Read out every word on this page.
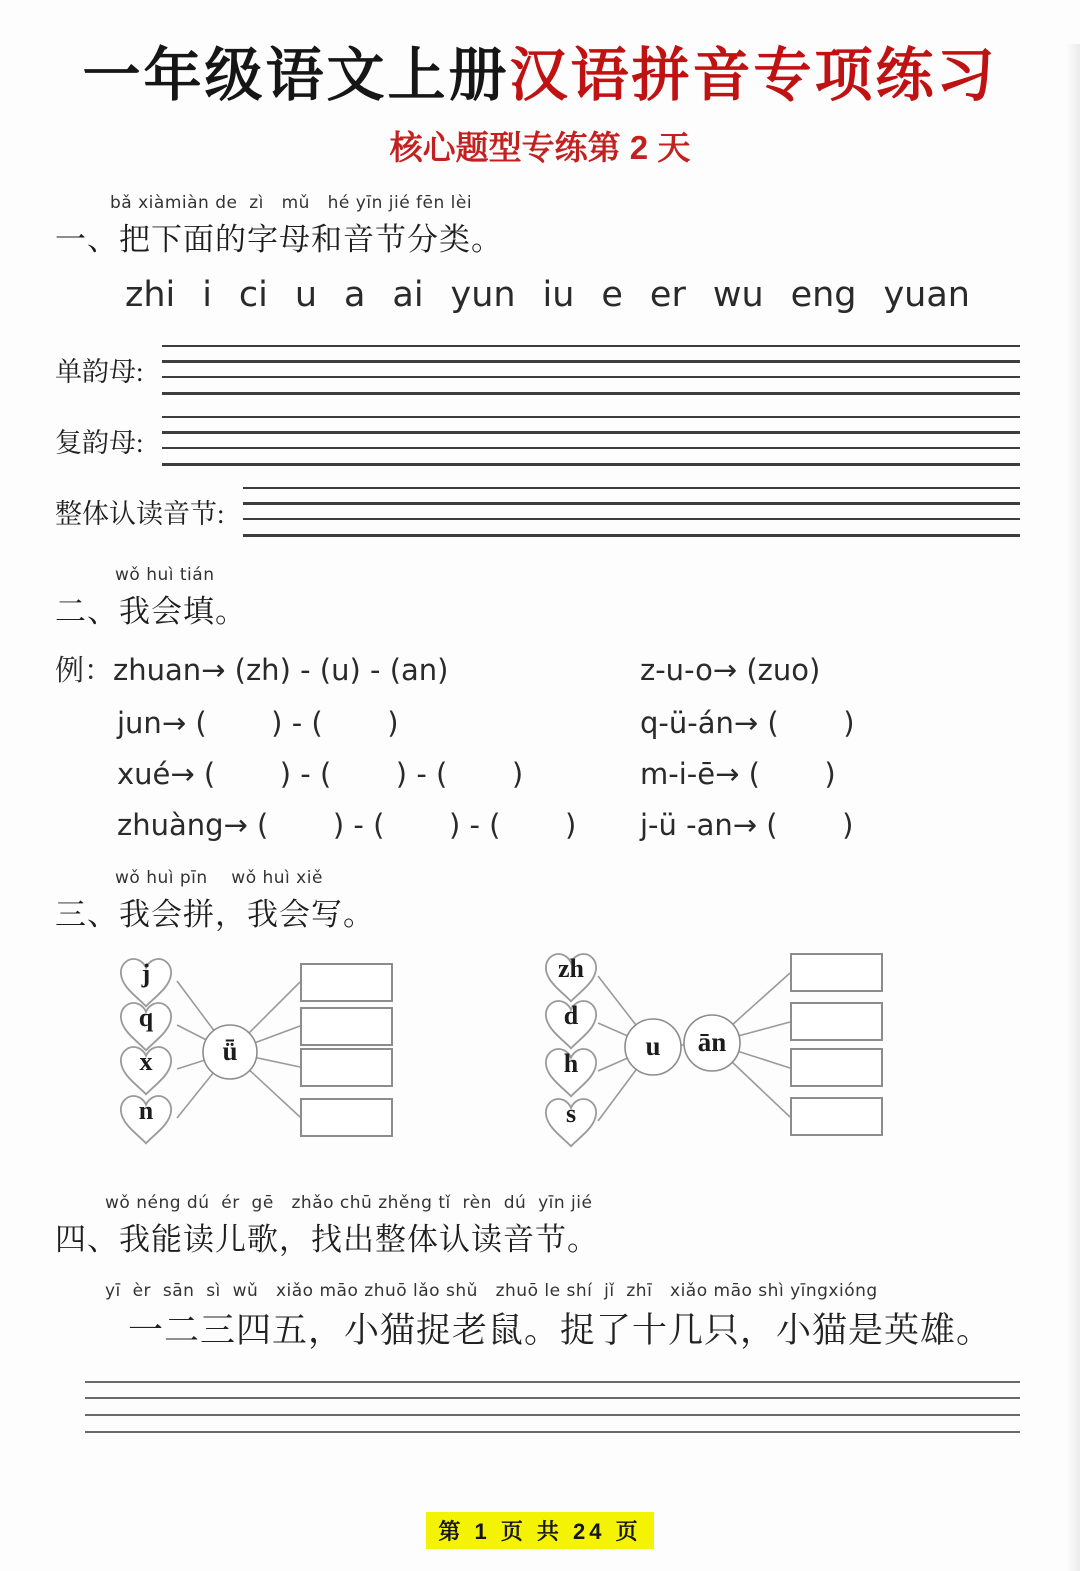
一年级语文上册汉语拼音专项练习
核心题型专练第 2 天
bǎ xiàmiàn de  zì   mǔ   hé yīn jié fēn lèi
一、把下面的字母和音节分类。
zhi i ci u a ai yun iu e er wu eng yuan
单韵母:
复韵母:
整体认读音节:
wǒ huì tián
二、我会填。
例：zhuan→ (zh) - (u) - (an)	z-u-o→ (zuo)
jun→ (       ) - (       )	q-ü-án→ (       )
xué→ (       ) - (       ) - (       )	m-i-ē→ (       )
zhuàng→ (       ) - (       ) - (       )	j-ü -an→ (       )
wǒ huì pīn    wǒ huì xiě
三、我会拼，我会写。
ǖ
j
q
x
n
u	ān
zh
d
h
s
wǒ néng dú  ér  gē   zhǎo chū zhěng tǐ  rèn  dú  yīn jié
四、我能读儿歌，找出整体认读音节。
yī  èr  sān  sì  wǔ   xiǎo māo zhuō lǎo shǔ   zhuō le shí  jǐ  zhī   xiǎo māo shì yīngxióng
一二三四五，小猫捉老鼠。捉了十几只，小猫是英雄。
第 1 页 共 24 页
